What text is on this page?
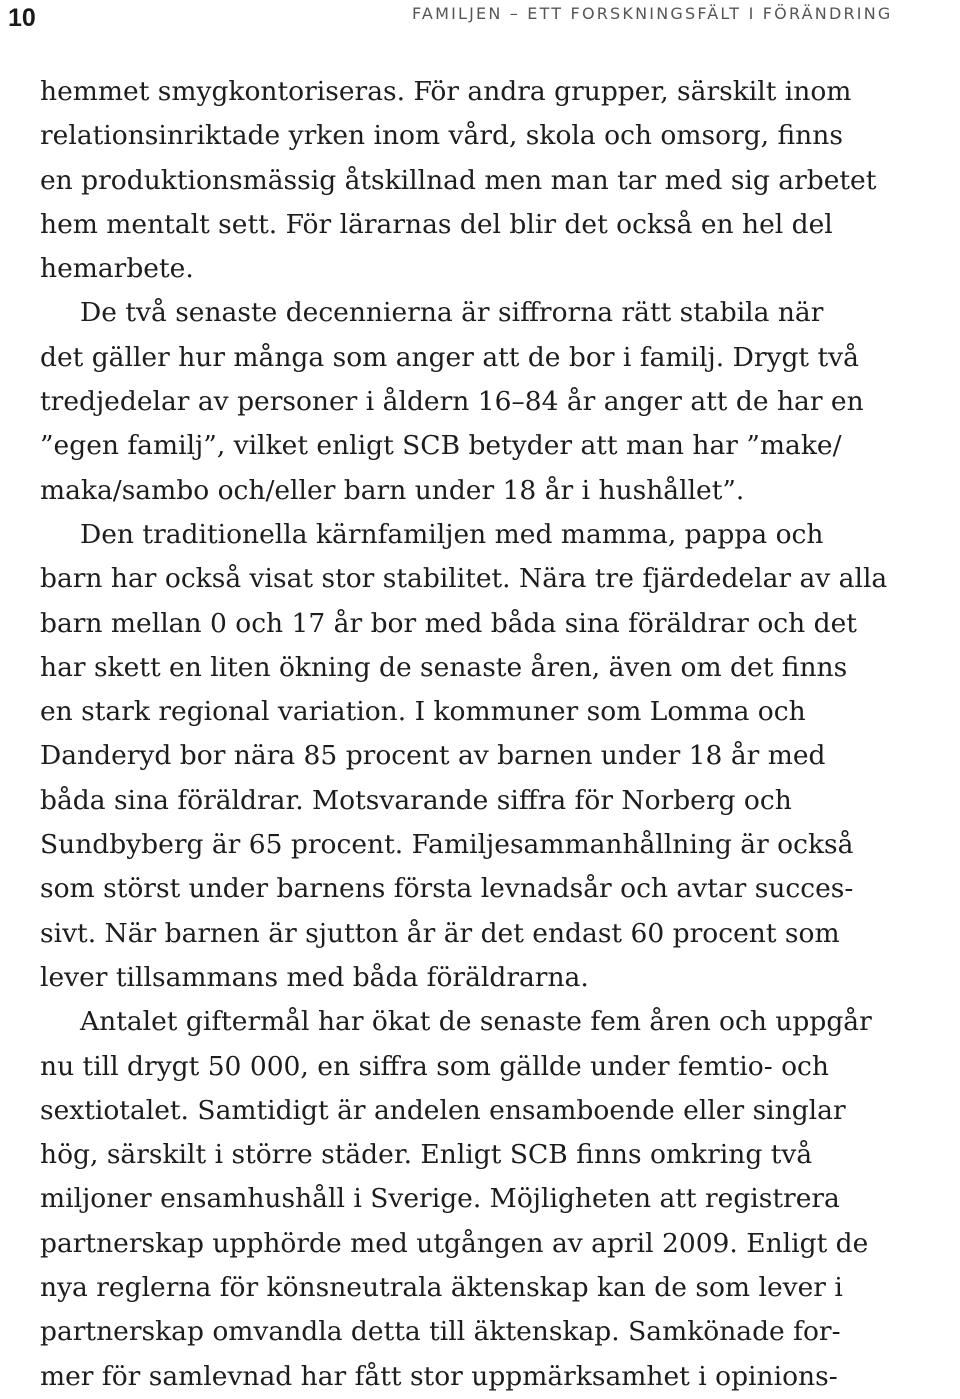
10	FAMILJEN – ETT FORSKNINGSFÄLT I FÖRÄNDRING
hemmet smygkontoriseras. För andra grupper, särskilt inom
relationsinriktade yrken inom vård, skola och omsorg, finns
en produktionsmässig åtskillnad men man tar med sig arbetet
hem mentalt sett. För lärarnas del blir det också en hel del
hemarbete.
De två senaste decennierna är siffrorna rätt stabila när
det gäller hur många som anger att de bor i familj. Drygt två
tredjedelar av personer i åldern 16–84 år anger att de har en
”egen familj”, vilket enligt SCB betyder att man har ”make/
maka/sambo och/eller barn under 18 år i hushållet”.
Den traditionella kärnfamiljen med mamma, pappa och
barn har också visat stor stabilitet. Nära tre fjärdedelar av alla
barn mellan 0 och 17 år bor med båda sina föräldrar och det
har skett en liten ökning de senaste åren, även om det finns
en stark regional variation. I kommuner som Lomma och
Danderyd bor nära 85 procent av barnen under 18 år med
båda sina föräldrar. Motsvarande siffra för Norberg och
Sundbyberg är 65 procent. Familjesammanhållning är också
som störst under barnens första levnadsår och avtar succes-
sivt. När barnen är sjutton år är det endast 60 procent som
lever tillsammans med båda föräldrarna.
Antalet giftermål har ökat de senaste fem åren och uppgår
nu till drygt 50 000, en siffra som gällde under femtio- och
sextiotalet. Samtidigt är andelen ensamboende eller singlar
hög, särskilt i större städer. Enligt SCB finns omkring två
miljoner ensamhushåll i Sverige. Möjligheten att registrera
partnerskap upphörde med utgången av april 2009. Enligt de
nya reglerna för könsneutrala äktenskap kan de som lever i
partnerskap omvandla detta till äktenskap. Samkönade for-
mer för samlevnad har fått stor uppmärksamhet i opinions-
